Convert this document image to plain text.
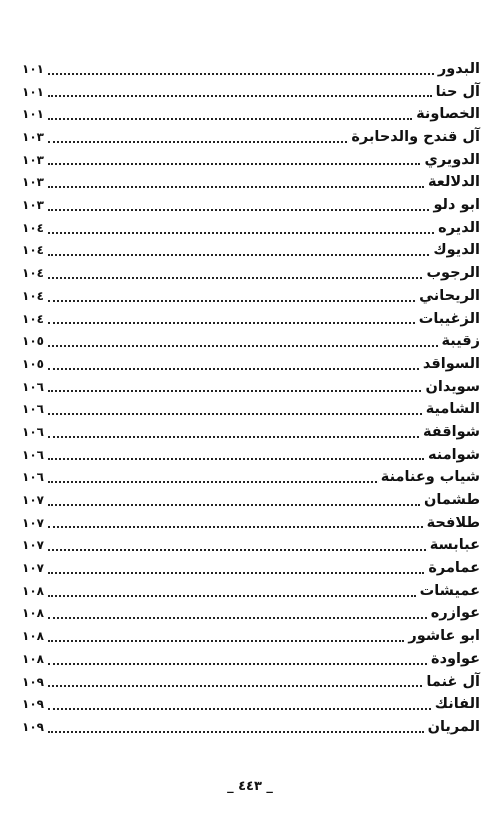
البدور
١٠١
آل حنا
١٠١
الخصاونة
١٠١
آل قندح والدحابرة
١٠٣
الدويري
١٠٣
الدلالعة
١٠٣
ابو دلو
١٠٣
الديره
١٠٤
الديوك
١٠٤
الرجوب
١٠٤
الريحاني
١٠٤
الزغيبات
١٠٤
زقيبة
١٠٥
السواقد
١٠٥
سويدان
١٠٦
الشامية
١٠٦
شواقفة
١٠٦
شوامنه
١٠٦
شياب وعنامنة
١٠٦
طشمان
١٠٧
طلافحة
١٠٧
عبابسة
١٠٧
عمامرة
١٠٧
عميشات
١٠٨
عوازره
١٠٨
ابو عاشور
١٠٨
عواودة
١٠٨
آل غنما
١٠٩
الفانك
١٠٩
المريان
١٠٩
_ ٤٤٣ _
